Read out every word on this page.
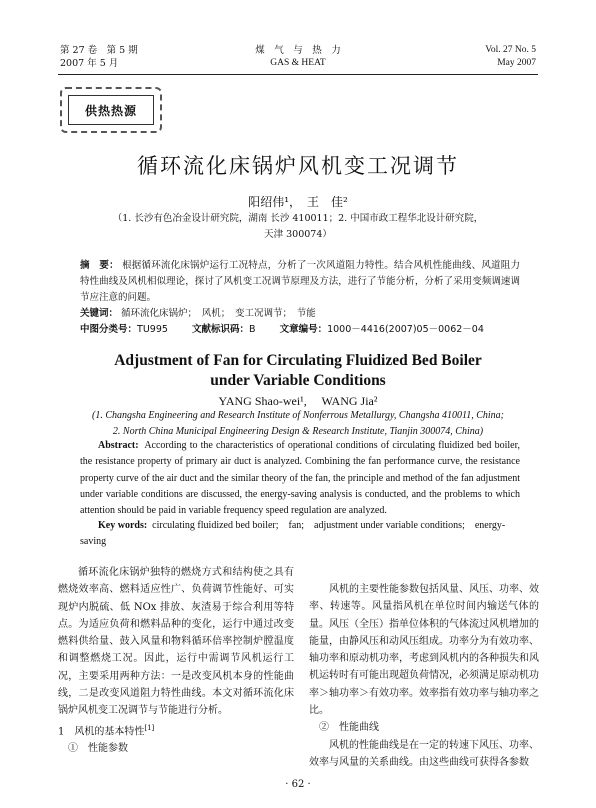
第 27 卷　第 5 期
2007 年 5 月
煤　气　与　热　力
GAS & HEAT
Vol. 27 No. 5
May 2007
供热热源
循环流化床锅炉风机变工况调节
阳绍伟¹，　王　佳²
（1. 长沙有色冶金设计研究院，湖南 长沙 410011；2. 中国市政工程华北设计研究院，
天津 300074）
摘　要： 根据循环流化床锅炉运行工况特点，分析了一次风道阻力特性。结合风机性能曲线、风道阻力特性曲线及风机相似理论，探讨了风机变工况调节原理及方法，进行了节能分析，分析了采用变频调速调节应注意的问题。
关键词： 循环流化床锅炉；　风机；　变工况调节；　节能
中图分类号：TU995	文献标识码：B	文章编号：1000－4416(2007)05－0062－04
Adjustment of Fan for Circulating Fluidized Bed Boiler
under Variable Conditions
YANG Shao-wei¹,　 WANG Jia²
(1. Changsha Engineering and Research Institute of Nonferrous Metallurgy, Changsha 410011, China;
2. North China Municipal Engineering Design & Research Institute, Tianjin 300074, China)
Abstract: According to the characteristics of operational conditions of circulating fluidized bed boiler, the resistance property of primary air duct is analyzed. Combining the fan performance curve, the resistance property curve of the air duct and the similar theory of the fan, the principle and method of the fan adjustment under variable conditions are discussed, the energy-saving analysis is conducted, and the problems to which attention should be paid in variable frequency speed regulation are analyzed.
Key words: circulating fluidized bed boiler;　fan;　adjustment under variable conditions;　energy-saving

循环流化床锅炉独特的燃烧方式和结构使之具有燃烧效率高、燃料适应性广、负荷调节性能好、可实现炉内脱硫、低 NOx 排放、灰渣易于综合利用等特点。为适应负荷和燃料品种的变化，运行中通过改变燃料供给量、鼓入风量和物料循环倍率控制炉膛温度和调整燃烧工况。因此，运行中需调节风机运行工况，主要采用两种方法：一是改变风机本身的性能曲线，二是改变风道阻力特性曲线。本文对循环流化床锅炉风机变工况调节与节能进行分析。

1　风机的基本特性[1]

①　性能参数

风机的主要性能参数包括风量、风压、功率、效率、转速等。风量指风机在单位时间内输送气体的量。风压（全压）指单位体积的气体流过风机增加的能量，由静风压和动风压组成。功率分为有效功率、轴功率和原动机功率，考虑到风机内的各种损失和风机运转时有可能出现超负荷情况，必须满足原动机功率＞轴功率＞有效功率。效率指有效功率与轴功率之比。

②　性能曲线

风机的性能曲线是在一定的转速下风压、功率、效率与风量的关系曲线。由这些曲线可获得各参数

· 62 ·
